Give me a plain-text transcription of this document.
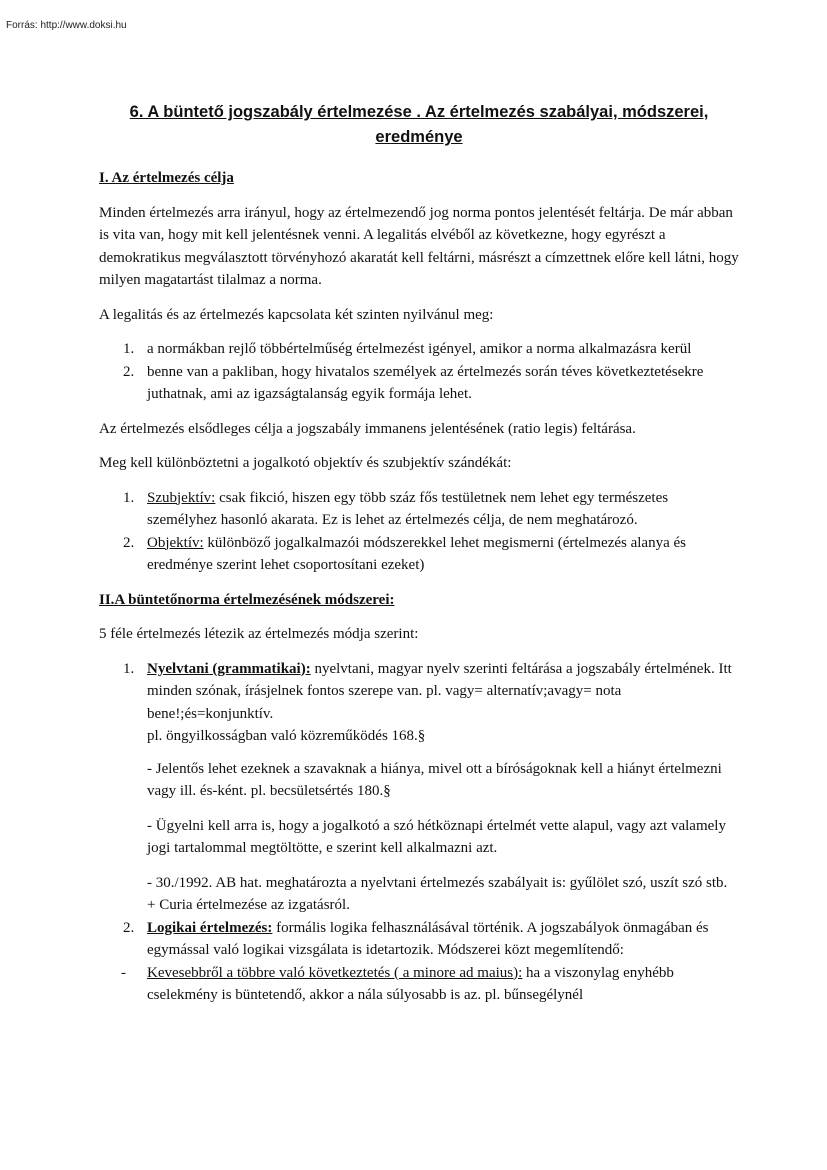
Forrás: http://www.doksi.hu
6. A büntető jogszabály értelmezése . Az értelmezés szabályai, módszerei, eredménye
I. Az értelmezés célja

Minden értelmezés arra irányul, hogy az értelmezendő jog norma pontos jelentését feltárja. De már abban is vita van, hogy mit kell jelentésnek venni. A legalitás elvéből az következne, hogy egyrészt a demokratikus megválasztott törvényhozó akaratát kell feltárni, másrészt a címzettnek előre kell látni, hogy milyen magatartást tilalmaz a norma.

A legalitás és az értelmezés kapcsolata két szinten nyilvánul meg:

1. a normákban rejlő többértelműség értelmezést igényel, amikor a norma alkalmazásra kerül
2. benne van a pakliban, hogy hivatalos személyek az értelmezés során téves következtetésekre juthatnak, ami az igazságtalanság egyik formája lehet.

Az értelmezés elsődleges célja a jogszabály immanens jelentésének (ratio legis) feltárása.

Meg kell különböztetni a jogalkotó objektív és szubjektív szándékát:

1. Szubjektív: csak fikció, hiszen egy több száz fős testületnek nem lehet egy természetes személyhez hasonló akarata. Ez is lehet az értelmezés célja, de nem meghatározó.
2. Objektív: különböző jogalkalmazói módszerekkel lehet megismerni (értelmezés alanya és eredménye szerint lehet csoportosítani ezeket)
II.A büntetőnorma értelmezésének módszerei:

5 féle értelmezés létezik az értelmezés módja szerint:

1. Nyelvtani (grammatikai): nyelvtani, magyar nyelv szerinti feltárása a jogszabály értelmének. Itt minden szónak, írásjelnek fontos szerepe van. pl. vagy= alternatív;avagy= nota bene!;és=konjunktív.
pl. öngyilkosságban való közreműködés 168.§
- Jelentős lehet ezeknek a szavaknak a hiánya, mivel ott a bíróságoknak kell a hiányt értelmezni vagy ill. és-ként. pl. becsületsértés 180.§
- Ügyelni kell arra is, hogy a jogalkotó a szó hétköznapi értelmét vette alapul, vagy azt valamely jogi tartalommal megtöltötte, e szerint kell alkalmazni azt.
- 30./1992. AB hat. meghatározta a nyelvtani értelmezés szabályait is: gyűlölet szó, uszít szó stb. + Curia értelmezése az izgatásról.
2. Logikai értelmezés: formális logika felhasználásával történik. A jogszabályok önmagában és egymással való logikai vizsgálata is idetartozik. Módszerei közt megemlítendő:
- Kevesebbről a többre való következtetés ( a minore ad maius): ha a viszonylag enyhébb cselekmény is büntetendő, akkor a nála súlyosabb is az. pl. bűnsegélynél
